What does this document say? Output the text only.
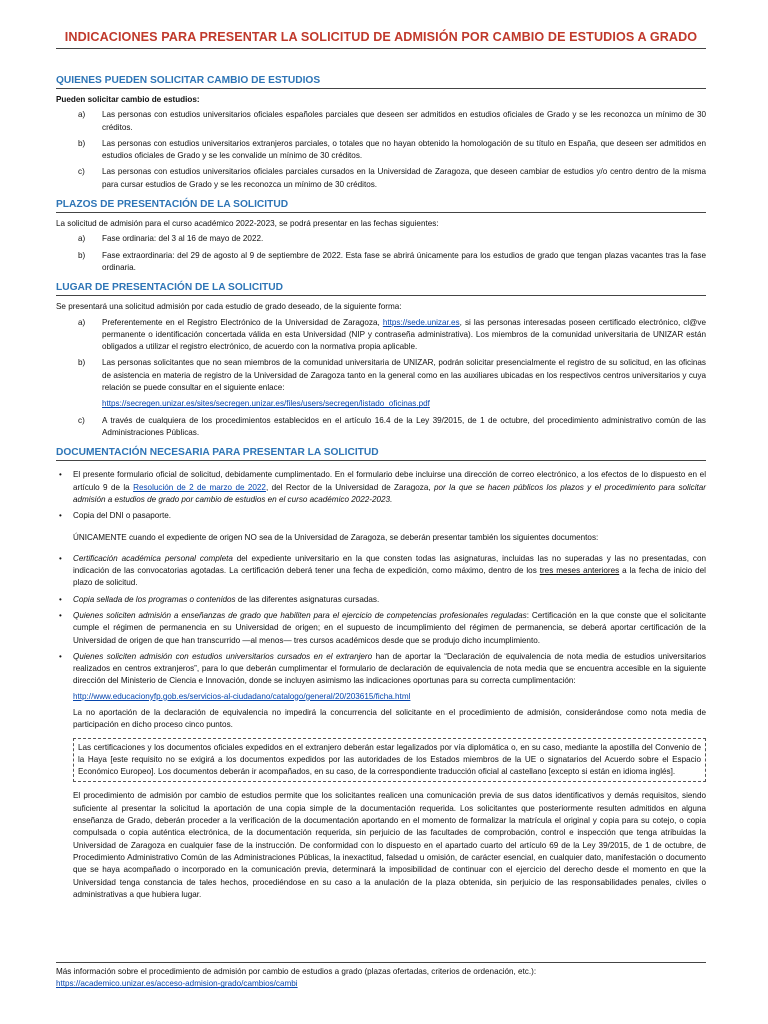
INDICACIONES PARA PRESENTAR LA SOLICITUD DE ADMISIÓN POR CAMBIO DE ESTUDIOS A GRADO
QUIENES PUEDEN SOLICITAR CAMBIO DE ESTUDIOS

Pueden solicitar cambio de estudios:

a)	Las personas con estudios universitarios oficiales españoles parciales que deseen ser admitidos en estudios oficiales de Grado y se les reconozca un mínimo de 30 créditos.

b)	Las personas con estudios universitarios extranjeros parciales, o totales que no hayan obtenido la homologación de su título en España, que deseen ser admitidos en estudios oficiales de Grado y se les convalide un mínimo de 30 créditos.

c)	Las personas con estudios universitarios oficiales parciales cursados en la Universidad de Zaragoza, que deseen cambiar de estudios y/o centro dentro de la misma para cursar estudios de Grado y se les reconozca un mínimo de 30 créditos.

PLAZOS DE PRESENTACIÓN DE LA SOLICITUD

La solicitud de admisión para el curso académico 2022-2023, se podrá presentar en las fechas siguientes:

a)	Fase ordinaria: del 3 al 16 de mayo de 2022.

b)	Fase extraordinaria: del 29 de agosto al 9 de septiembre de 2022. Esta fase se abrirá únicamente para los estudios de grado que tengan plazas vacantes tras la fase ordinaria.

LUGAR DE PRESENTACIÓN DE LA SOLICITUD

Se presentará una solicitud admisión por cada estudio de grado deseado, de la siguiente forma:

a)	Preferentemente en el Registro Electrónico de la Universidad de Zaragoza, https://sede.unizar.es, si las personas interesadas poseen certificado electrónico, cl@ve permanente o identificación concertada válida en esta Universidad (NIP y contraseña administrativa). Los miembros de la comunidad universitaria de UNIZAR están obligados a utilizar el registro electrónico, de acuerdo con la normativa propia aplicable.

b)	Las personas solicitantes que no sean miembros de la comunidad universitaria de UNIZAR, podrán solicitar presencialmente el registro de su solicitud, en las oficinas de asistencia en materia de registro de la Universidad de Zaragoza tanto en la general como en las auxiliares ubicadas en los respectivos centros universitarios y cuya relación se puede consultar en el siguiente enlace:

https://secregen.unizar.es/sites/secregen.unizar.es/files/users/secregen/listado_oficinas.pdf

c)	A través de cualquiera de los procedimientos establecidos en el artículo 16.4 de la Ley 39/2015, de 1 de octubre, del procedimiento administrativo común de las Administraciones Públicas.

DOCUMENTACIÓN NECESARIA PARA PRESENTAR LA SOLICITUD
•	El presente formulario oficial de solicitud, debidamente cumplimentado. En el formulario debe incluirse una dirección de correo electrónico, a los efectos de lo dispuesto en el artículo 9 de la Resolución de 2 de marzo de 2022, del Rector de la Universidad de Zaragoza, por la que se hacen públicos los plazos y el procedimiento para solicitar admisión a estudios de grado por cambio de estudios en el curso académico 2022-2023.

•	Copia del DNI o pasaporte.

ÚNICAMENTE cuando el expediente de origen NO sea de la Universidad de Zaragoza, se deberán presentar también los siguientes documentos:

•	Certificación académica personal completa del expediente universitario en la que consten todas las asignaturas, incluidas las no superadas y las no presentadas, con indicación de las convocatorias agotadas. La certificación deberá tener una fecha de expedición, como máximo, dentro de los tres meses anteriores a la fecha de inicio del plazo de solicitud.

•	Copia sellada de los programas o contenidos de las diferentes asignaturas cursadas.

•	Quienes soliciten admisión a enseñanzas de grado que habiliten para el ejercicio de competencias profesionales reguladas: Certificación en la que conste que el solicitante cumple el régimen de permanencia en su Universidad de origen; en el supuesto de incumplimiento del régimen de permanencia, se deberá aportar certificación de la Universidad de origen de que han transcurrido —al menos— tres cursos académicos desde que se produjo dicho incumplimiento.

•	Quienes soliciten admisión con estudios universitarios cursados en el extranjero han de aportar la “Declaración de equivalencia de nota media de estudios universitarios realizados en centros extranjeros”, para lo que deberán cumplimentar el formulario de declaración de equivalencia de nota media que se encuentra accesible en la siguiente dirección del Ministerio de Ciencia e Innovación, donde se incluyen asimismo las indicaciones oportunas para su correcta cumplimentación:

http://www.educacionyfp.gob.es/servicios-al-ciudadano/catalogo/general/20/203615/ficha.html

La no aportación de la declaración de equivalencia no impedirá la concurrencia del solicitante en el procedimiento de admisión, considerándose como nota media de participación en dicho proceso cinco puntos.

Las certificaciones y los documentos oficiales expedidos en el extranjero deberán estar legalizados por vía diplomática o, en su caso, mediante la apostilla del Convenio de la Haya [este requisito no se exigirá a los documentos expedidos por las autoridades de los Estados miembros de la UE o signatarios del Acuerdo sobre el Espacio Económico Europeo]. Los documentos deberán ir acompañados, en su caso, de la correspondiente traducción oficial al castellano [excepto si están en idioma inglés].

El procedimiento de admisión por cambio de estudios permite que los solicitantes realicen una comunicación previa de sus datos identificativos y demás requisitos, siendo suficiente al presentar la solicitud la aportación de una copia simple de la documentación requerida. Los solicitantes que posteriormente resulten admitidos en alguna enseñanza de Grado, deberán proceder a la verificación de la documentación aportando en el momento de formalizar la matrícula el original y copia para su cotejo, o copia compulsada o copia auténtica electrónica, de la documentación requerida, sin perjuicio de las facultades de comprobación, control e inspección que tenga atribuidas la Universidad de Zaragoza en cualquier fase de la instrucción. De conformidad con lo dispuesto en el apartado cuarto del artículo 69 de la Ley 39/2015, de 1 de octubre, de Procedimiento Administrativo Común de las Administraciones Públicas, la inexactitud, falsedad u omisión, de carácter esencial, en cualquier dato, manifestación o documento que se haya acompañado o incorporado en la comunicación previa, determinará la imposibilidad de continuar con el ejercicio del derecho desde el momento en que la Universidad tenga constancia de tales hechos, procediéndose en su caso a la anulación de la plaza obtenida, sin perjuicio de las responsabilidades penales, civiles o administrativas a que hubiera lugar.

Más información sobre el procedimiento de admisión por cambio de estudios a grado (plazas ofertadas, criterios de ordenación, etc.):

https://academico.unizar.es/acceso-admision-grado/cambios/cambi
